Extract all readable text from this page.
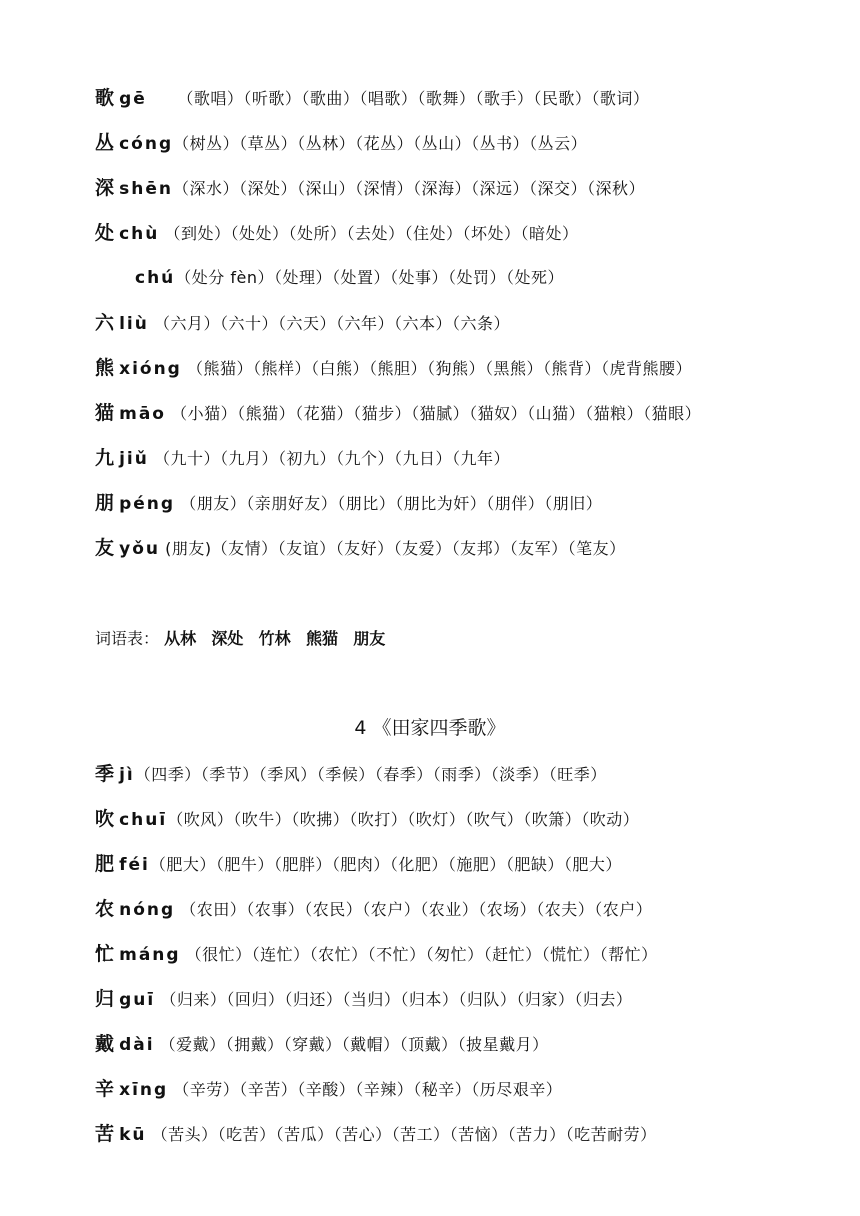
歌 gē （歌唱）（听歌）（歌曲）（唱歌）（歌舞）（歌手）（民歌）（歌词）
丛 cóng（树丛）（草丛）（丛林）（花丛）（丛山）（丛书）（丛云）
深 shēn（深水）（深处）（深山）（深情）（深海）（深远）（深交）（深秋）
处 chù （到处）（处处）（处所）（去处）（住处）（坏处）（暗处）
chú（处分 fèn）（处理）（处置）（处事）（处罚）（处死）
六 liù （六月）（六十）（六天）（六年）（六本）（六条）
熊 xióng （熊猫）（熊样）（白熊）（熊胆）（狗熊）（黑熊）（熊背）（虎背熊腰）
猫 māo （小猫）（熊猫）（花猫）（猫步）（猫腻）（猫奴）（山猫）（猫粮）（猫眼）
九 jiǔ （九十）（九月）（初九）（九个）（九日）（九年）
朋 péng （朋友）（亲朋好友）（朋比）（朋比为奸）（朋伴）（朋旧）
友 yǒu (朋友)（友情）（友谊）（友好）（友爱）（友邦）（友军）（笔友）
词语表： 从林 深处 竹林 熊猫 朋友
4 《田家四季歌》
季 jì（四季）（季节）（季风）（季候）（春季）（雨季）（淡季）（旺季）
吹 chuī（吹风）（吹牛）（吹拂）（吹打）（吹灯）（吹气）（吹箫）（吹动）
肥 féi（肥大）（肥牛）（肥胖）（肥肉）（化肥）（施肥）（肥缺）（肥大）
农 nóng （农田）（农事）（农民）（农户）（农业）（农场）（农夫）（农户）
忙 máng （很忙）（连忙）（农忙）（不忙）（匆忙）（赶忙）（慌忙）（帮忙）
归 guī （归来）（回归）（归还）（当归）（归本）（归队）（归家）（归去）
戴 dài （爱戴）（拥戴）（穿戴）（戴帽）（顶戴）（披星戴月）
辛 xīng （辛劳）（辛苦）（辛酸）（辛辣）（秘辛）（历尽艰辛）
苦 kū （苦头）（吃苦）（苦瓜）（苦心）（苦工）（苦恼）（苦力）（吃苦耐劳）
